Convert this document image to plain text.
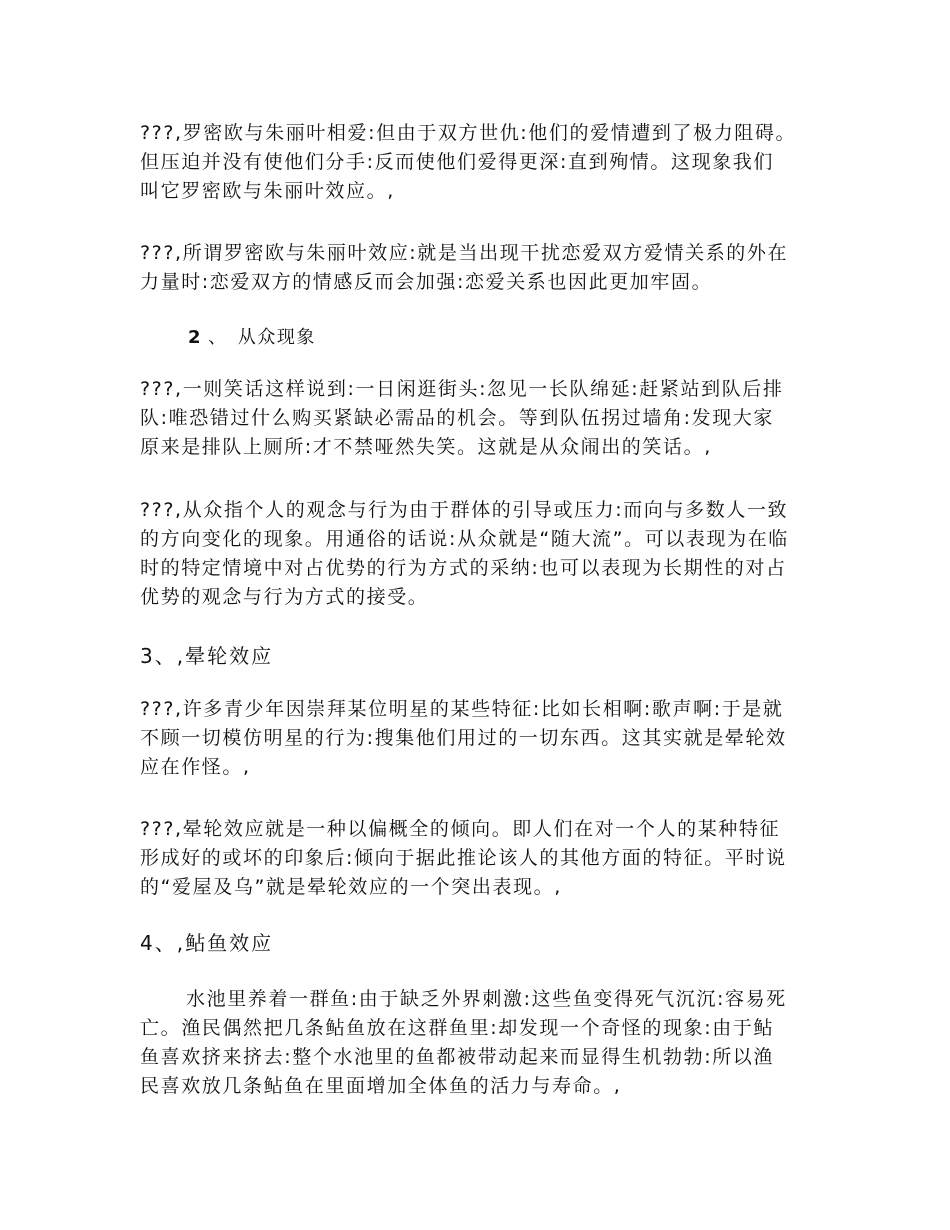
???,罗密欧与朱丽叶相爱:但由于双方世仇:他们的爱情遭到了极力阻碍。
但压迫并没有使他们分手:反而使他们爱得更深:直到殉情。这现象我们
叫它罗密欧与朱丽叶效应。,
???,所谓罗密欧与朱丽叶效应:就是当出现干扰恋爱双方爱情关系的外在
力量时:恋爱双方的情感反而会加强:恋爱关系也因此更加牢固。
2 、 从众现象
???,一则笑话这样说到:一日闲逛街头:忽见一长队绵延:赶紧站到队后排
队:唯恐错过什么购买紧缺必需品的机会。等到队伍拐过墙角:发现大家
原来是排队上厕所:才不禁哑然失笑。这就是从众闹出的笑话。,
???,从众指个人的观念与行为由于群体的引导或压力:而向与多数人一致
的方向变化的现象。用通俗的话说:从众就是“随大流”。可以表现为在临
时的特定情境中对占优势的行为方式的采纳:也可以表现为长期性的对占
优势的观念与行为方式的接受。
3、,晕轮效应
???,许多青少年因崇拜某位明星的某些特征:比如长相啊:歌声啊:于是就
不顾一切模仿明星的行为:搜集他们用过的一切东西。这其实就是晕轮效
应在作怪。,
???,晕轮效应就是一种以偏概全的倾向。即人们在对一个人的某种特征
形成好的或坏的印象后:倾向于据此推论该人的其他方面的特征。平时说
的“爱屋及乌”就是晕轮效应的一个突出表现。,
4、,鲇鱼效应
水池里养着一群鱼:由于缺乏外界刺激:这些鱼变得死气沉沉:容易死
亡。渔民偶然把几条鲇鱼放在这群鱼里:却发现一个奇怪的现象:由于鲇
鱼喜欢挤来挤去:整个水池里的鱼都被带动起来而显得生机勃勃:所以渔
民喜欢放几条鲇鱼在里面增加全体鱼的活力与寿命。,
